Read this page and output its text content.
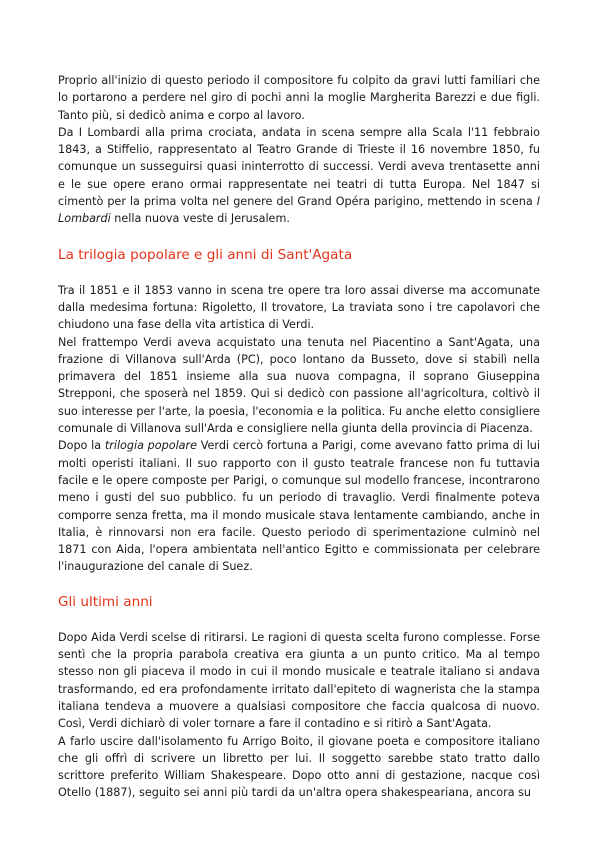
Proprio all'inizio di questo periodo il compositore fu colpito da gravi lutti familiari che lo portarono a perdere nel giro di pochi anni la moglie Margherita Barezzi e due figli. Tanto più, si dedicò anima e corpo al lavoro.

Da I Lombardi alla prima crociata, andata in scena sempre alla Scala l'11 febbraio 1843, a Stiffelio, rappresentato al Teatro Grande di Trieste il 16 novembre 1850, fu comunque un susseguirsi quasi ininterrotto di successi. Verdi aveva trentasette anni e le sue opere erano ormai rappresentate nei teatri di tutta Europa. Nel 1847 si cimentò per la prima volta nel genere del Grand Opéra parigino, mettendo in scena I Lombardi nella nuova veste di Jerusalem.

La trilogia popolare e gli anni di Sant'Agata

Tra il 1851 e il 1853 vanno in scena tre opere tra loro assai diverse ma accomunate dalla medesima fortuna: Rigoletto, Il trovatore, La traviata sono i tre capolavori che chiudono una fase della vita artistica di Verdi.

Nel frattempo Verdi aveva acquistato una tenuta nel Piacentino a Sant'Agata, una frazione di Villanova sull'Arda (PC), poco lontano da Busseto, dove si stabilì nella primavera del 1851 insieme alla sua nuova compagna, il soprano Giuseppina Strepponi, che sposerà nel 1859. Qui si dedicò con passione all'agricoltura, coltivò il suo interesse per l'arte, la poesia, l'economia e la politica. Fu anche eletto consigliere comunale di Villanova sull'Arda e consigliere nella giunta della provincia di Piacenza.

Dopo la trilogia popolare Verdi cercò fortuna a Parigi, come avevano fatto prima di lui molti operisti italiani. Il suo rapporto con il gusto teatrale francese non fu tuttavia facile e le opere composte per Parigi, o comunque sul modello francese, incontrarono meno i gusti del suo pubblico. fu un periodo di travaglio. Verdi finalmente poteva comporre senza fretta, ma il mondo musicale stava lentamente cambiando, anche in Italia, è rinnovarsi non era facile. Questo periodo di sperimentazione culminò nel 1871 con Aida, l'opera ambientata nell'antico Egitto e commissionata per celebrare l'inaugurazione del canale di Suez.

Gli ultimi anni

Dopo Aida Verdi scelse di ritirarsi. Le ragioni di questa scelta furono complesse. Forse sentì che la propria parabola creativa era giunta a un punto critico. Ma al tempo stesso non gli piaceva il modo in cui il mondo musicale e teatrale italiano si andava trasformando, ed era profondamente irritato dall'epiteto di wagnerista che la stampa italiana tendeva a muovere a qualsiasi compositore che faccia qualcosa di nuovo. Così, Verdi dichiarò di voler tornare a fare il contadino e si ritirò a Sant'Agata.

A farlo uscire dall'isolamento fu Arrigo Boito, il giovane poeta e compositore italiano che gli offrì di scrivere un libretto per lui. Il soggetto sarebbe stato tratto dallo scrittore preferito William Shakespeare. Dopo otto anni di gestazione, nacque così Otello (1887), seguito sei anni più tardi da un'altra opera shakespeariana, ancora su
